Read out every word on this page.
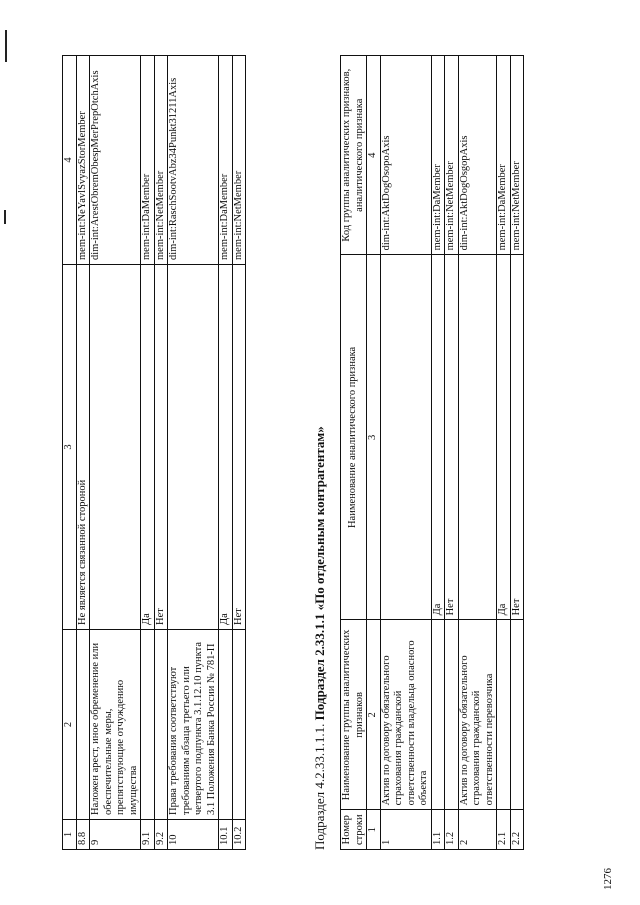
1276
1	2	3	4
8.8		Не является связанной стороной	mem-int:NeYavlSvyazStorMember
9	Наложен арест, иное обременение или обеспечительные меры, препятствующие отчуждению имущества		dim-int:ArestObremObespMerPrepOtchAxis
9.1		Да	mem-int:DaMember
9.2		Нет	mem-int:NetMember
10	Права требования соответствуют требованиям абзаца третьего или четвертого подпункта 3.1.12.10 пункта 3.1 Положения Банка России № 781-П		dim-int:RaschSootvAbz34Punkt31211Axis
10.1		Да	mem-int:DaMember
10.2		Нет	mem-int:NetMember
Подраздел 4.2.33.1.1.1. Подраздел 2.33.1.1 «По отдельным контрагентам»
Номер строки	Наименование группы аналитических признаков	Наименование аналитического признака	Код группы аналитических признаков, аналитического признака
1	2	3	4
1	Актив по договору обязательного страхования гражданской ответственности владельца опасного объекта		dim-int:AktDogOsopoAxis
1.1		Да	mem-int:DaMember
1.2		Нет	mem-int:NetMember
2	Актив по договору обязательного страхования гражданской ответственности перевозчика		dim-int:AktDogOsgopAxis
2.1		Да	mem-int:DaMember
2.2		Нет	mem-int:NetMember
